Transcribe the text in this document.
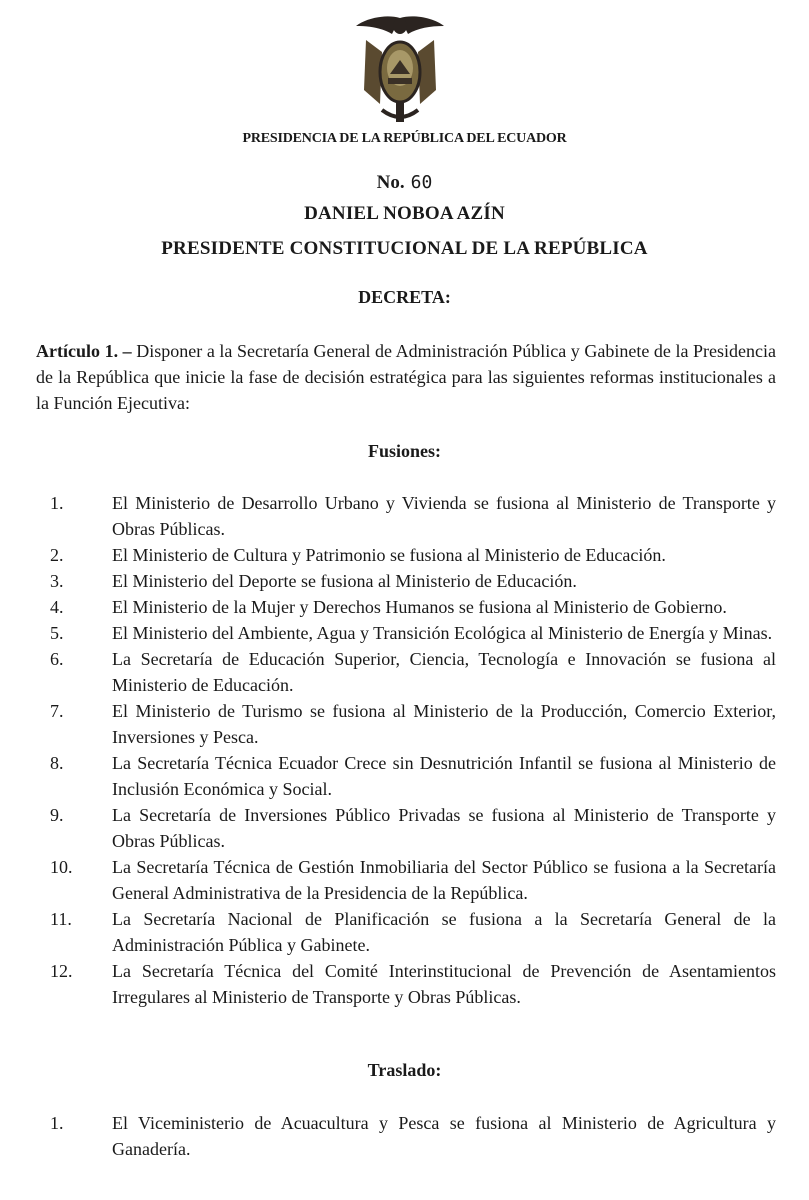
PRESIDENCIA DE LA REPÚBLICA DEL ECUADOR
No. 60
DANIEL NOBOA AZÍN
PRESIDENTE CONSTITUCIONAL DE LA REPÚBLICA
DECRETA:
Artículo 1. – Disponer a la Secretaría General de Administración Pública y Gabinete de la Presidencia de la República que inicie la fase de decisión estratégica para las siguientes reformas institucionales a la Función Ejecutiva:
Fusiones:
1.	El Ministerio de Desarrollo Urbano y Vivienda se fusiona al Ministerio de Transporte y Obras Públicas.
2.	El Ministerio de Cultura y Patrimonio se fusiona al Ministerio de Educación.
3.	El Ministerio del Deporte se fusiona al Ministerio de Educación.
4.	El Ministerio de la Mujer y Derechos Humanos se fusiona al Ministerio de Gobierno.
5.	El Ministerio del Ambiente, Agua y Transición Ecológica al Ministerio de Energía y Minas.
6.	La Secretaría de Educación Superior, Ciencia, Tecnología e Innovación se fusiona al Ministerio de Educación.
7.	El Ministerio de Turismo se fusiona al Ministerio de la Producción, Comercio Exterior, Inversiones y Pesca.
8.	La Secretaría Técnica Ecuador Crece sin Desnutrición Infantil se fusiona al Ministerio de Inclusión Económica y Social.
9.	La Secretaría de Inversiones Público Privadas se fusiona al Ministerio de Transporte y Obras Públicas.
10.	La Secretaría Técnica de Gestión Inmobiliaria del Sector Público se fusiona a la Secretaría General Administrativa de la Presidencia de la República.
11.	La Secretaría Nacional de Planificación se fusiona a la Secretaría General de la Administración Pública y Gabinete.
12.	La Secretaría Técnica del Comité Interinstitucional de Prevención de Asentamientos Irregulares al Ministerio de Transporte y Obras Públicas.
Traslado:
1.	El Viceministerio de Acuacultura y Pesca se fusiona al Ministerio de Agricultura y Ganadería.
